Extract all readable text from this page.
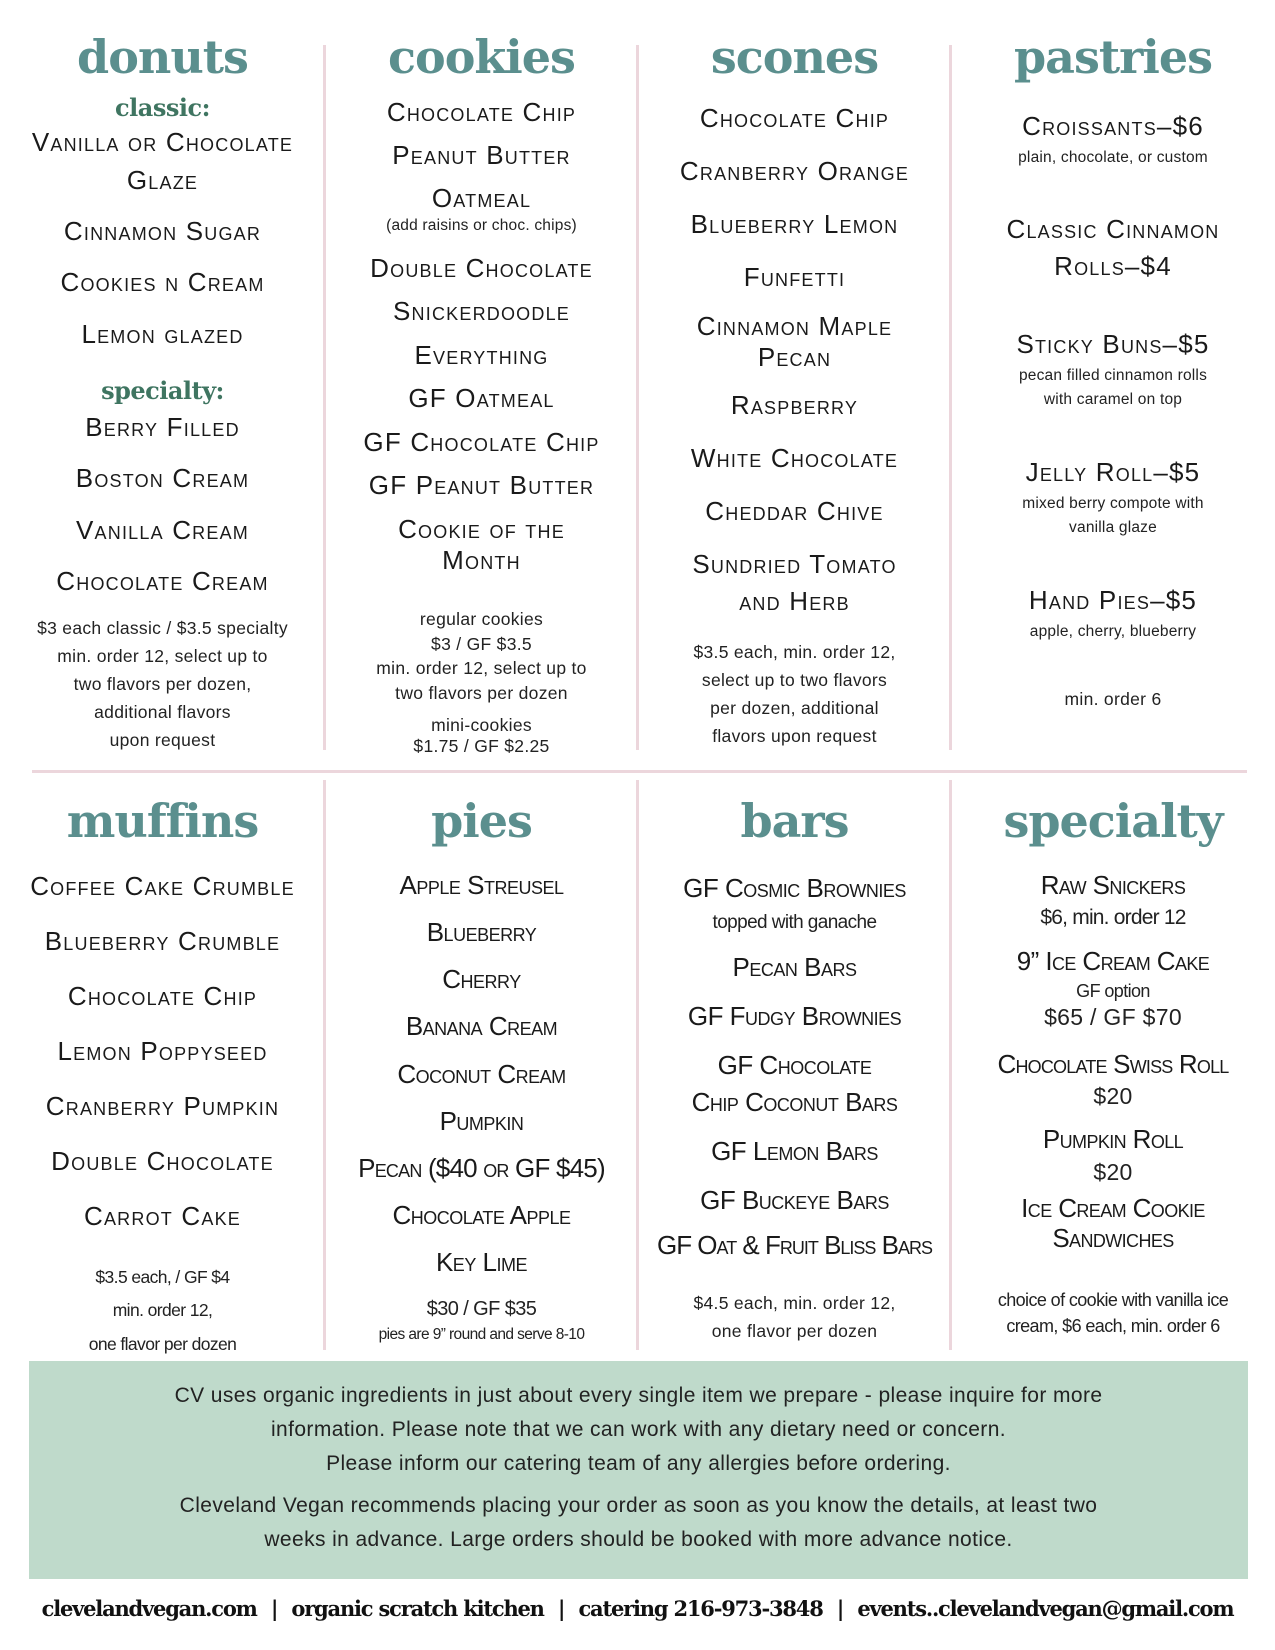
donuts
classic:
Vanilla or Chocolate
Glaze
Cinnamon Sugar
Cookies n Cream
Lemon glazed
specialty:
Berry Filled
Boston Cream
Vanilla Cream
Chocolate Cream
$3 each classic / $3.5 specialty
min. order 12, select up to
two flavors per dozen,
additional flavors
upon request
cookies
Chocolate Chip
Peanut Butter
Oatmeal
(add raisins or choc. chips)
Double Chocolate
Snickerdoodle
Everything
GF Oatmeal
GF Chocolate Chip
GF Peanut Butter
Cookie of the
Month
regular cookies
$3 / GF $3.5
min. order 12, select up to
two flavors per dozen
mini-cookies
$1.75 / GF $2.25
scones
Chocolate Chip
Cranberry Orange
Blueberry Lemon
Funfetti
Cinnamon Maple
Pecan
Raspberry
White Chocolate
Cheddar Chive
Sundried Tomato
and Herb
$3.5 each, min. order 12,
select up to two flavors
per dozen, additional
flavors upon request
pastries
Croissants–$6
plain, chocolate, or custom
Classic Cinnamon
Rolls–$4
Sticky Buns–$5
pecan filled cinnamon rolls
with caramel on top
Jelly Roll–$5
mixed berry compote with
vanilla glaze
Hand Pies–$5
apple, cherry, blueberry
min. order 6
muffins
Coffee Cake Crumble
Blueberry Crumble
Chocolate Chip
Lemon Poppyseed
Cranberry Pumpkin
Double Chocolate
Carrot Cake
$3.5 each, / GF $4
min. order 12,
one flavor per dozen
pies
Apple Streusel
Blueberry
Cherry
Banana Cream
Coconut Cream
Pumpkin
Pecan ($40 or GF $45)
Chocolate Apple
Key Lime
$30 / GF $35
pies are 9” round and serve 8-10
bars
GF Cosmic Brownies
topped with ganache
Pecan Bars
GF Fudgy Brownies
GF Chocolate
Chip Coconut Bars
GF Lemon Bars
GF Buckeye Bars
GF Oat & Fruit Bliss Bars
$4.5 each, min. order 12,
one flavor per dozen
specialty
Raw Snickers
$6, min. order 12
9” Ice Cream Cake
GF option
$65 / GF $70
Chocolate Swiss Roll
$20
Pumpkin Roll
$20
Ice Cream Cookie
Sandwiches
choice of cookie with vanilla ice
cream, $6 each, min. order 6

CV uses organic ingredients in just about every single item we prepare - please inquire for more

information. Please note that we can work with any dietary need or concern.

Please inform our catering team of any allergies before ordering.

Cleveland Vegan recommends placing your order as soon as you know the details, at least two

weeks in advance. Large orders should be booked with more advance notice.

clevelandvegan.com | organic scratch kitchen | catering 216-973-3848 | events..clevelandvegan@gmail.com
